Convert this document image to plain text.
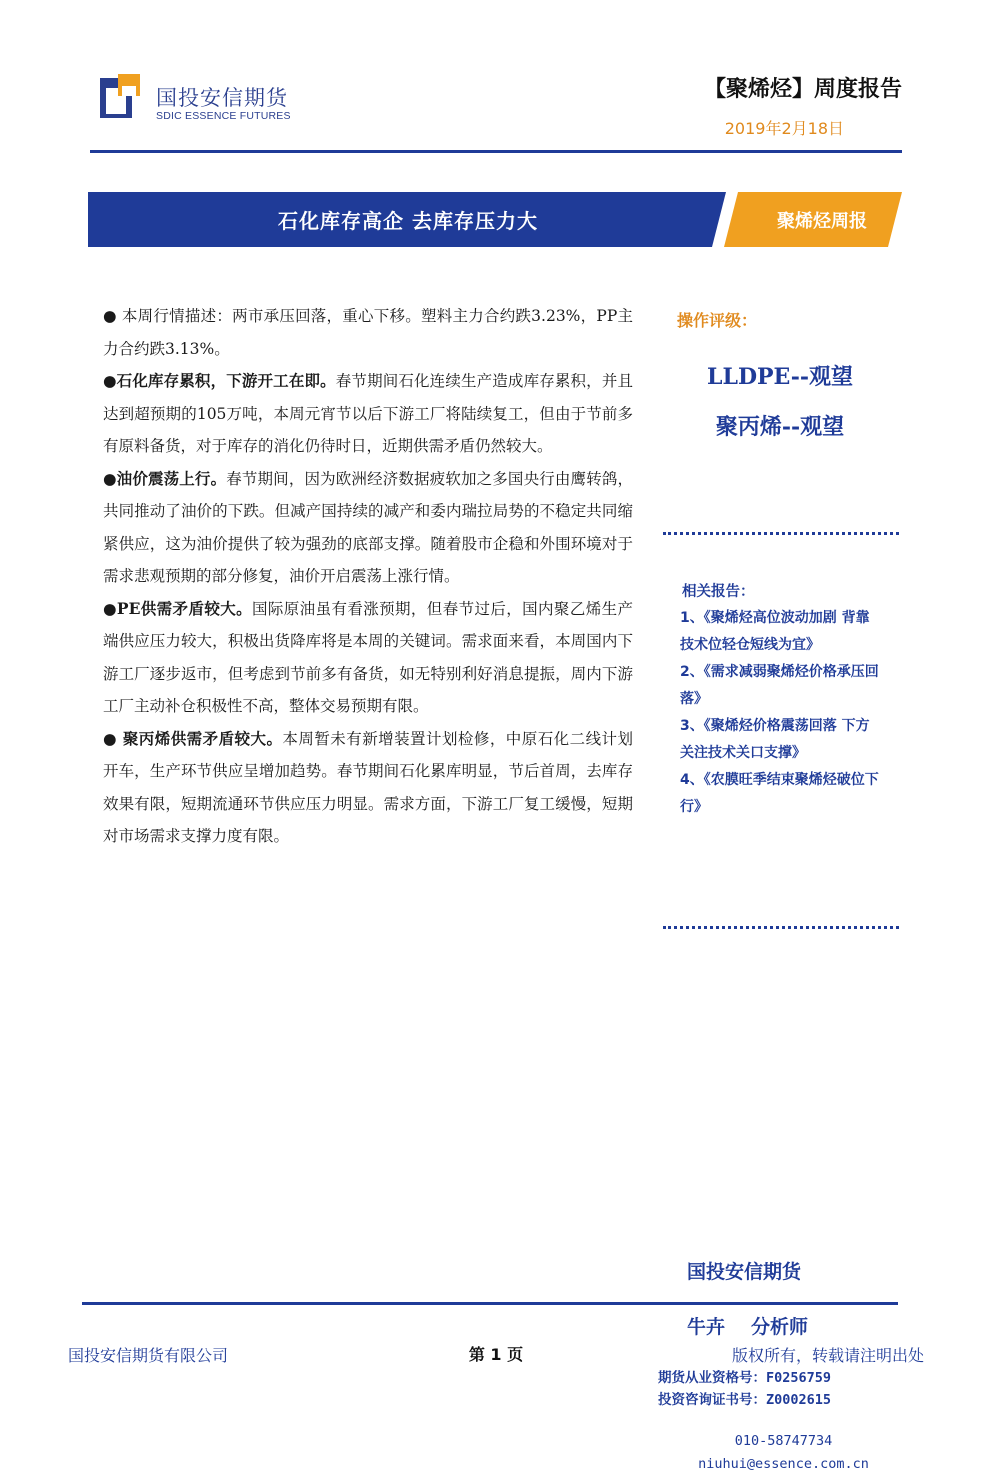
国投安信期货
SDIC ESSENCE FUTURES
【聚烯烃】周度报告
2019年2月18日
石化库存高企 去库存压力大	聚烯烃周报

● 本周行情描述：两市承压回落，重心下移。塑料主力合约跌3.23%，PP主力合约跌3.13%。

●石化库存累积，下游开工在即。春节期间石化连续生产造成库存累积，并且达到超预期的105万吨，本周元宵节以后下游工厂将陆续复工，但由于节前多有原料备货，对于库存的消化仍待时日，近期供需矛盾仍然较大。

●油价震荡上行。春节期间，因为欧洲经济数据疲软加之多国央行由鹰转鸽，共同推动了油价的下跌。但减产国持续的减产和委内瑞拉局势的不稳定共同缩紧供应，这为油价提供了较为强劲的底部支撑。随着股市企稳和外围环境对于需求悲观预期的部分修复，油价开启震荡上涨行情。

●PE供需矛盾较大。国际原油虽有看涨预期，但春节过后，国内聚乙烯生产端供应压力较大，积极出货降库将是本周的关键词。需求面来看，本周国内下游工厂逐步返市，但考虑到节前多有备货，如无特别利好消息提振，周内下游工厂主动补仓积极性不高，整体交易预期有限。

● 聚丙烯供需矛盾较大。本周暂未有新增装置计划检修，中原石化二线计划开车，生产环节供应呈增加趋势。春节期间石化累库明显，节后首周，去库存效果有限，短期流通环节供应压力明显。需求方面，下游工厂复工缓慢，短期对市场需求支撑力度有限。

操作评级：
LLDPE--观望
聚丙烯--观望
相关报告：
1、《聚烯烃高位波动加剧 背靠技术位轻仓短线为宜》
2、《需求减弱聚烯烃价格承压回落》
3、《聚烯烃价格震荡回落 下方关注技术关口支撑》
4、《农膜旺季结束聚烯烃破位下行》
国投安信期货
牛卉 分析师
期货从业资格号：F0256759
投资咨询证书号：Z0002615
010-58747734
niuhui@essence.com.cn
国投安信期货有限公司	第 1 页	版权所有，转载请注明出处
